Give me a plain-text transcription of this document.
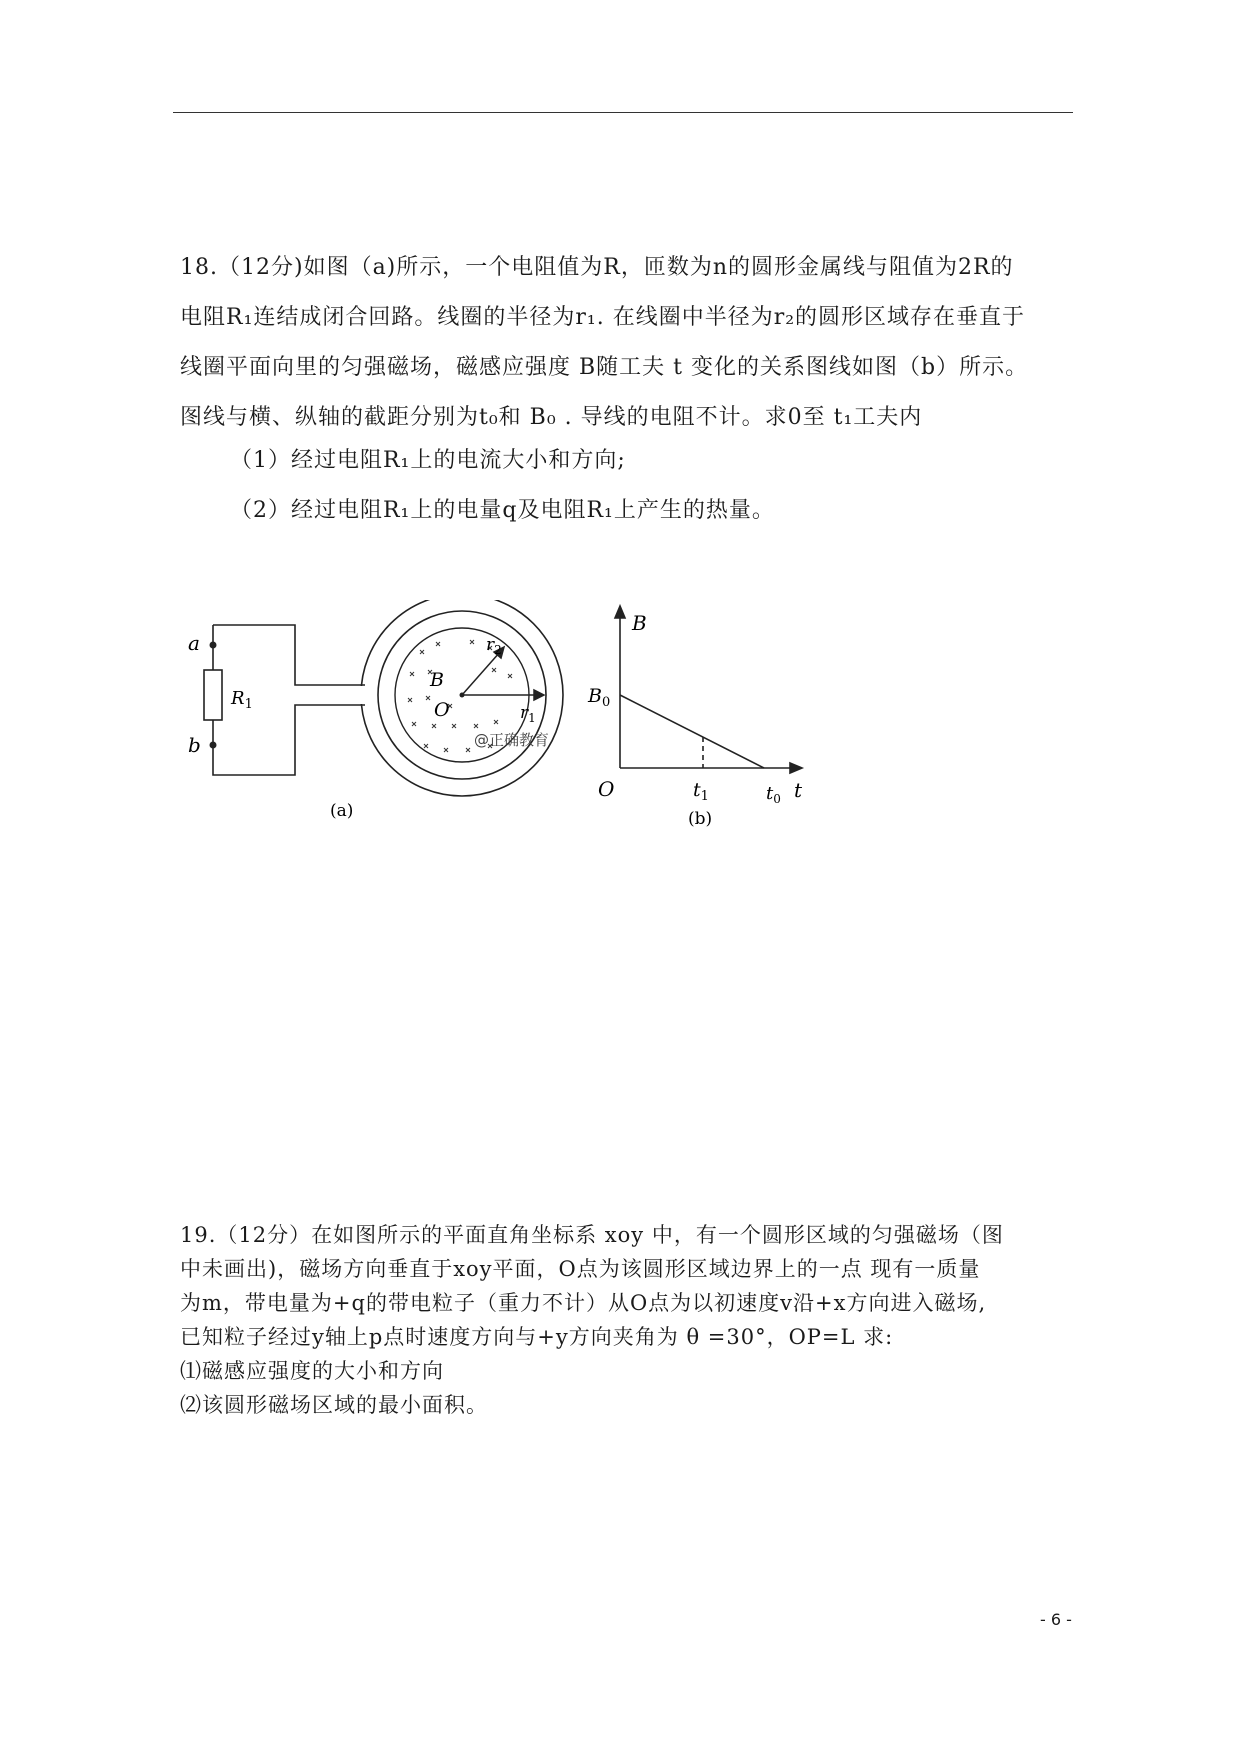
18.（12分)如图（a)所示，一个电阻值为R，匝数为n的圆形金属线与阻值为2R的
电阻R₁连结成闭合回路。线圈的半径为r₁. 在线圈中半径为r₂的圆形区域存在垂直于
线圈平面向里的匀强磁场，磁感应强度 B随工夫 t 变化的关系图线如图（b）所示。
图线与横、纵轴的截距分别为t₀和 B₀ . 导线的电阻不计。求0至 t₁工夫内
（1）经过电阻R₁上的电流大小和方向;
（2）经过电阻R₁上的电量q及电阻R₁上产生的热量。
a
b
$R_1$
B
O
$r_2$
$r_1$
@正确教育
(a)
B
$B_0$
O	$t_1$	$t_0$ t
(b)
19.（12分）在如图所示的平面直角坐标系 xoy 中，有一个圆形区域的匀强磁场（图
中未画出)，磁场方向垂直于xoy平面，O点为该圆形区域边界上的一点 现有一质量
为m，带电量为+q的带电粒子（重力不计）从O点为以初速度v沿+x方向进入磁场,
已知粒子经过y轴上p点时速度方向与+y方向夹角为 θ =30°，OP=L 求:
⑴磁感应强度的大小和方向
⑵该圆形磁场区域的最小面积。
- 6 -
